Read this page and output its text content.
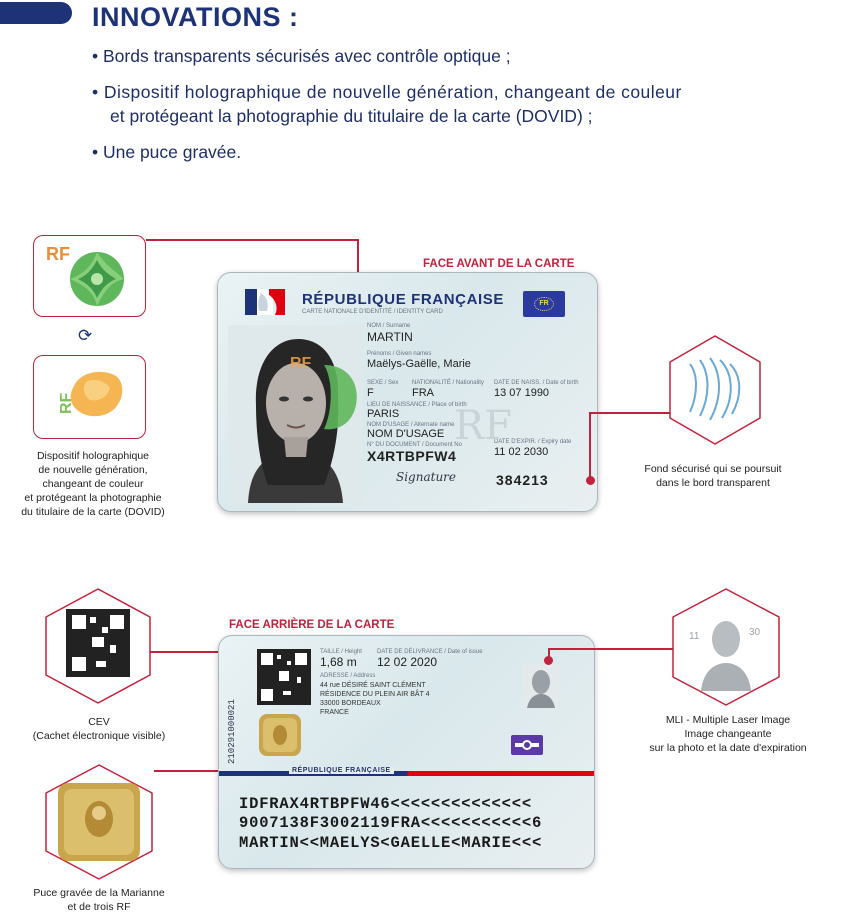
INNOVATIONS :
• Bords transparents sécurisés avec contrôle optique ;
• Dispositif holographique de nouvelle génération, changeant de couleur
et protégeant la photographie du titulaire de la carte (DOVID) ;
• Une puce gravée.
RF
⟳
RF
Dispositif holographique
de nouvelle génération,
changeant de couleur
et protégeant la photographie
du titulaire de la carte (DOVID)
FACE AVANT DE LA CARTE
RÉPUBLIQUE FRANÇAISE
CARTE NATIONALE D'IDENTITÉ / IDENTITY CARD
FR
RF
NOM / Surname
MARTIN
Prénoms / Given names
Maëlys-Gaëlle, Marie
SEXE / Sex
F
NATIONALITÉ / Nationality
FRA
DATE DE NAISS. / Date of birth
13 07 1990
LIEU DE NAISSANCE / Place of birth
PARIS
NOM D'USAGE / Alternate name
NOM D'USAGE
N° DU DOCUMENT / Document No
X4RTBPFW4
DATE D'EXPIR. / Expiry date
11 02 2030
Signature	384213
RF
Fond sécurisé qui se poursuit
dans le bord transparent
FACE ARRIÈRE DE LA CARTE
CEV
(Cachet électronique visible)
Puce gravée de la Marianne
et de trois RF
210291000021
TAILLE / Height
1,68 m
DATE DE DÉLIVRANCE / Date of issue
12 02 2020
ADRESSE / Address
44 rue DÉSIRÉ SAINT CLÉMENT
RÉSIDENCE DU PLEIN AIR BÂT 4
33000 BORDEAUX
FRANCE
RÉPUBLIQUE FRANÇAISE
IDFRAX4RTBPFW46<<<<<<<<<<<<<<
9007138F3002119FRA<<<<<<<<<<<6
MARTIN<<MAELYS<GAELLE<MARIE<<<
11	30
MLI - Multiple Laser Image
Image changeante
sur la photo et la date d'expiration
